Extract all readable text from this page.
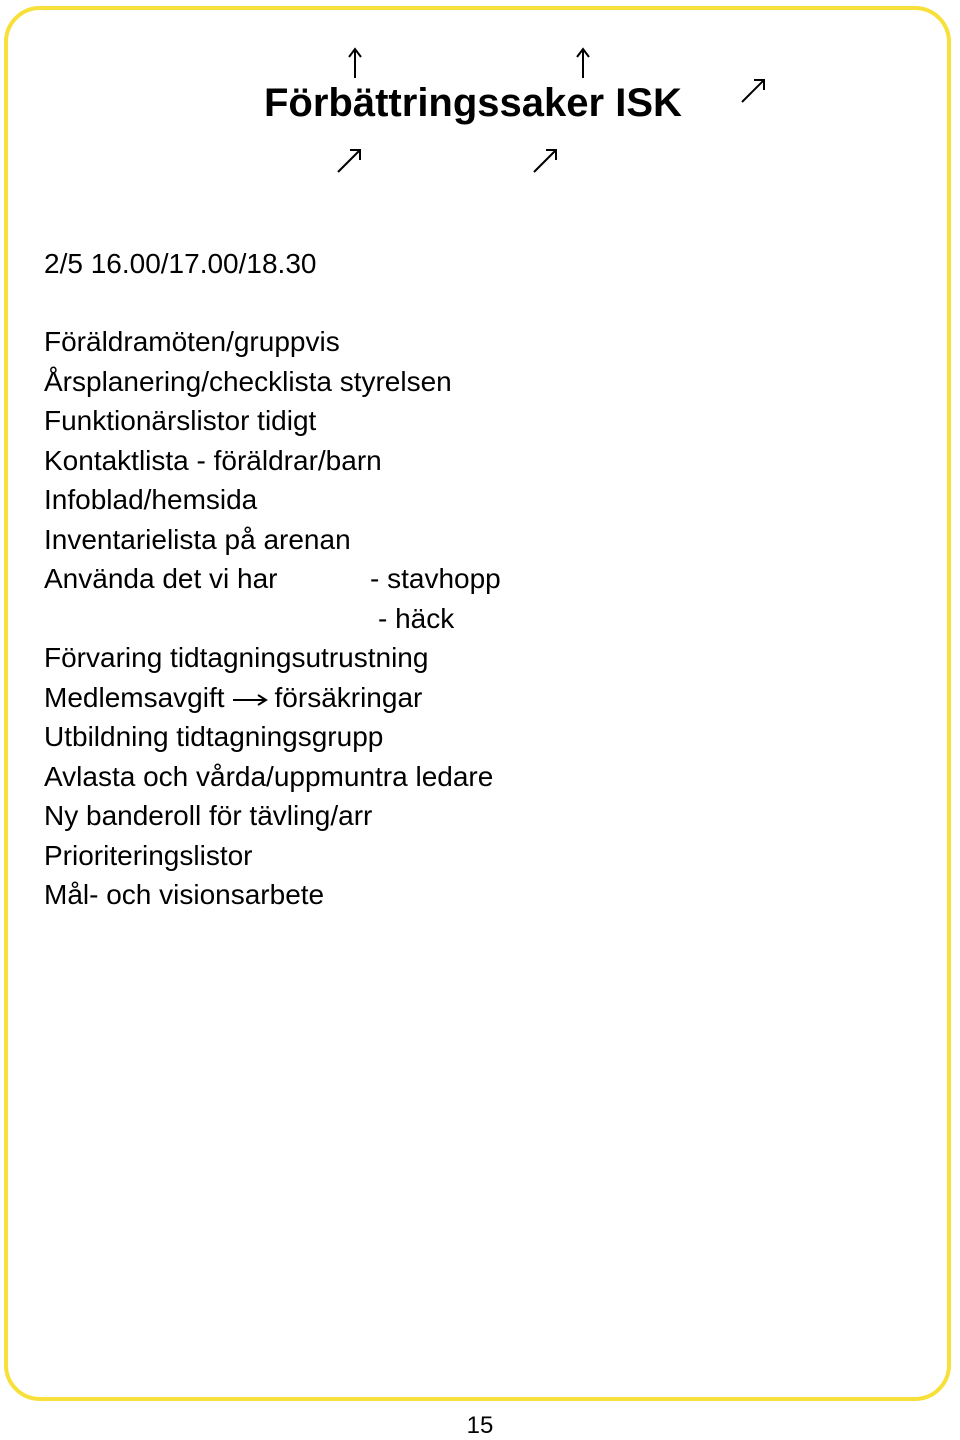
Förbättringssaker ISK
2/5 16.00/17.00/18.30
Föräldramöten/gruppvis
Årsplanering/checklista styrelsen
Funktionärslistor tidigt
Kontaktlista - föräldrar/barn
Infoblad/hemsida
Inventarielista på arenan
Använda det vi har	- stavhopp
- häck
Förvaring tidtagningsutrustning
Medlemsavgift försäkringar
Utbildning tidtagningsgrupp
Avlasta och vårda/uppmuntra ledare
Ny banderoll för tävling/arr
Prioriteringslistor
Mål- och visionsarbete
15
